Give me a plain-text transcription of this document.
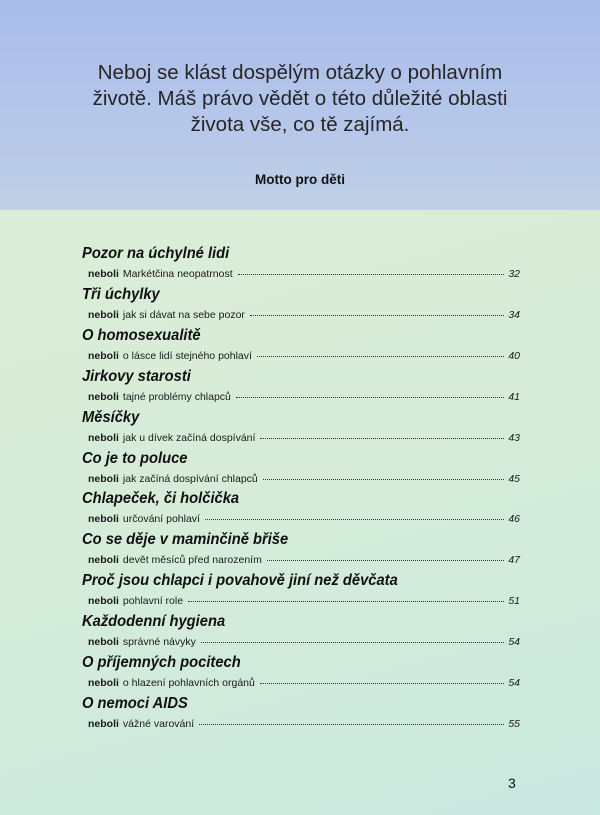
Neboj se klást dospělým otázky o pohlavním
životě. Máš právo vědět o této důležité oblasti
života vše, co tě zajímá.

Motto pro děti
Pozor na úchylné lidi
neboli Markétčina neopatrnost	32
Tři úchylky
neboli jak si dávat na sebe pozor	34
O homosexualitě
neboli o lásce lidí stejného pohlaví	40
Jirkovy starosti
neboli tajné problémy chlapců	41
Měsíčky
neboli jak u dívek začíná dospívání	43
Co je to poluce
neboli jak začíná dospívání chlapců	45
Chlapeček, či holčička
neboli určování pohlaví	46
Co se děje v maminčině břiše
neboli devět měsíců před narozením	47
Proč jsou chlapci i povahově jiní než děvčata
neboli pohlavní role	51
Každodenní hygiena
neboli správné návyky	54
O příjemných pocitech
neboli o hlazení pohlavních orgánů	54
O nemoci AIDS
neboli vážné varování	55
3
